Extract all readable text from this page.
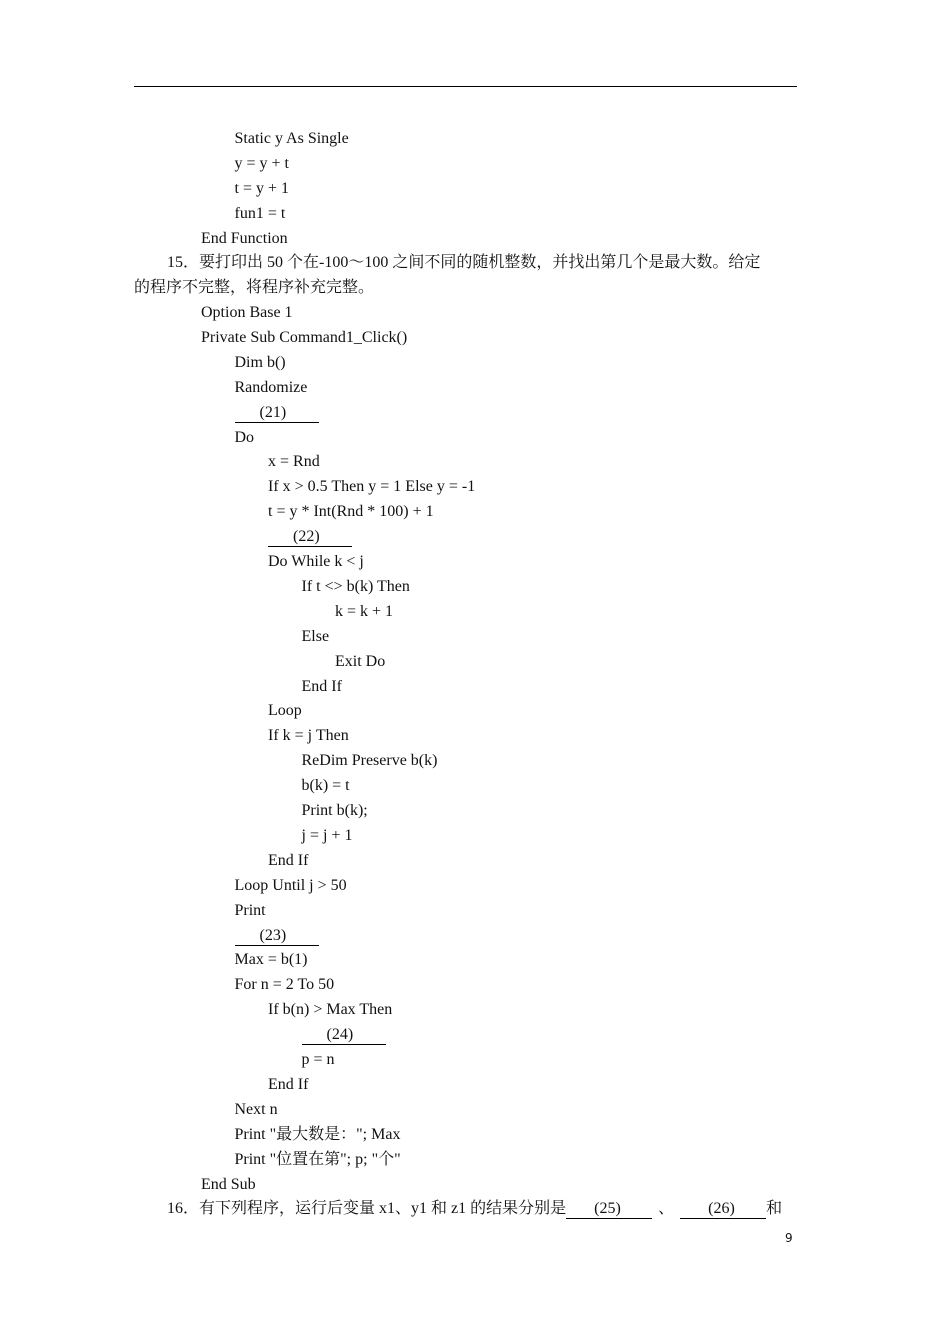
Static y As Single
y = y + t
t = y + 1
fun1 = t
End Function
15．要打印出 50 个在-100～100 之间不同的随机整数，并找出第几个是最大数。给定
的程序不完整，将程序补充完整。
Option Base 1
Private Sub Command1_Click()
Dim b()
Randomize
(21)
Do
x = Rnd
If x > 0.5 Then y = 1 Else y = -1
t = y * Int(Rnd * 100) + 1
(22)
Do While k < j
If t <> b(k) Then
k = k + 1
Else
Exit Do
End If
Loop
If k = j Then
ReDim Preserve b(k)
b(k) = t
Print b(k);
j = j + 1
End If
Loop Until j > 50
Print
(23)
Max = b(1)
For n = 2 To 50
If b(n) > Max Then
(24)
p = n
End If
Next n
Print "最大数是："; Max
Print "位置在第"; p; "个"
End Sub
16．有下列程序，运行后变量 x1、y1 和 z1 的结果分别是 (25) 、 (26) 和
9
